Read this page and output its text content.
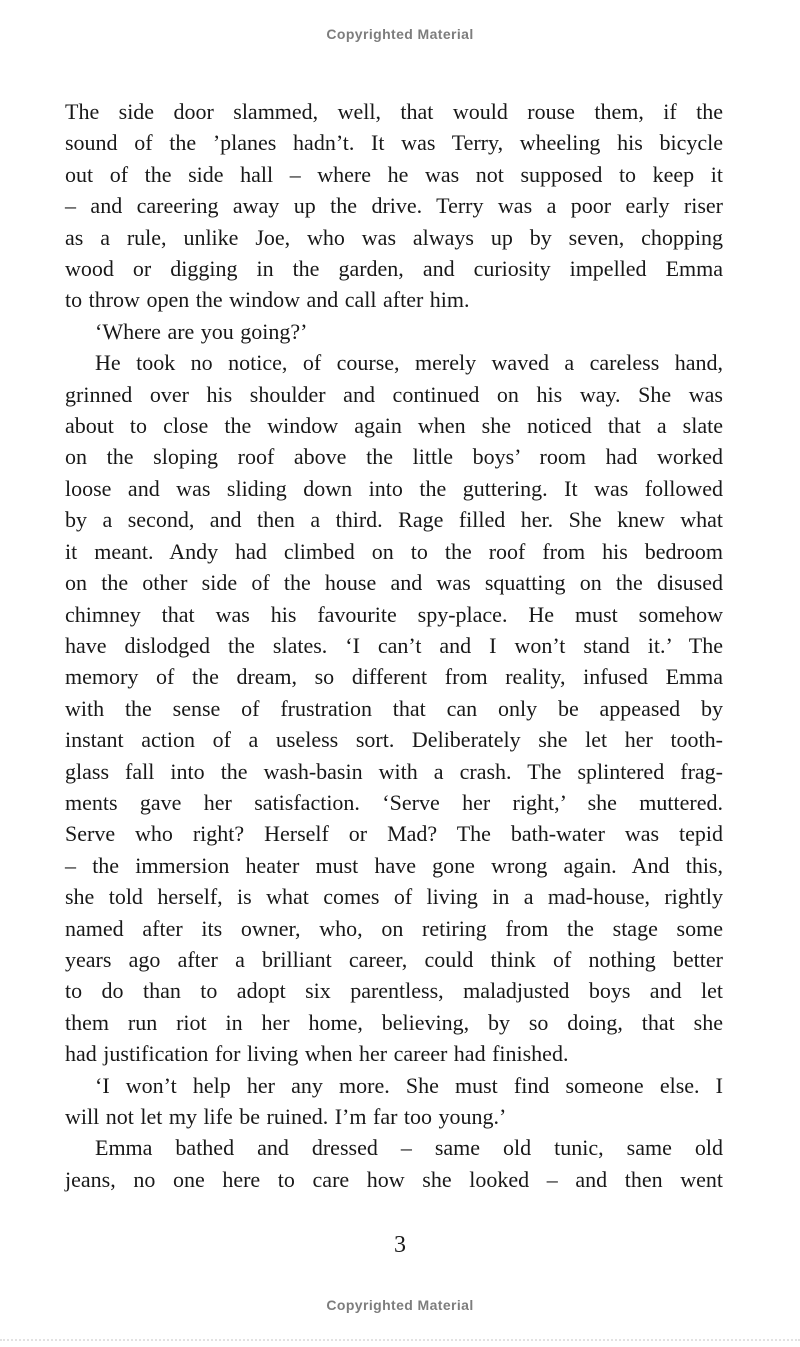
Copyrighted Material
The side door slammed, well, that would rouse them, if the
sound of the ’planes hadn’t. It was Terry, wheeling his bicycle
out of the side hall – where he was not supposed to keep it
– and careering away up the drive. Terry was a poor early riser
as a rule, unlike Joe, who was always up by seven, chopping
wood or digging in the garden, and curiosity impelled Emma
to throw open the window and call after him.
‘Where are you going?’
He took no notice, of course, merely waved a careless hand,
grinned over his shoulder and continued on his way. She was
about to close the window again when she noticed that a slate
on the sloping roof above the little boys’ room had worked
loose and was sliding down into the guttering. It was followed
by a second, and then a third. Rage filled her. She knew what
it meant. Andy had climbed on to the roof from his bedroom
on the other side of the house and was squatting on the disused
chimney that was his favourite spy-place. He must somehow
have dislodged the slates. ‘I can’t and I won’t stand it.’ The
memory of the dream, so different from reality, infused Emma
with the sense of frustration that can only be appeased by
instant action of a useless sort. Deliberately she let her tooth-
glass fall into the wash-basin with a crash. The splintered frag-
ments gave her satisfaction. ‘Serve her right,’ she muttered.
Serve who right? Herself or Mad? The bath-water was tepid
– the immersion heater must have gone wrong again. And this,
she told herself, is what comes of living in a mad-house, rightly
named after its owner, who, on retiring from the stage some
years ago after a brilliant career, could think of nothing better
to do than to adopt six parentless, maladjusted boys and let
them run riot in her home, believing, by so doing, that she
had justification for living when her career had finished.
‘I won’t help her any more. She must find someone else. I
will not let my life be ruined. I’m far too young.’
Emma bathed and dressed – same old tunic, same old
jeans, no one here to care how she looked – and then went
3
Copyrighted Material
